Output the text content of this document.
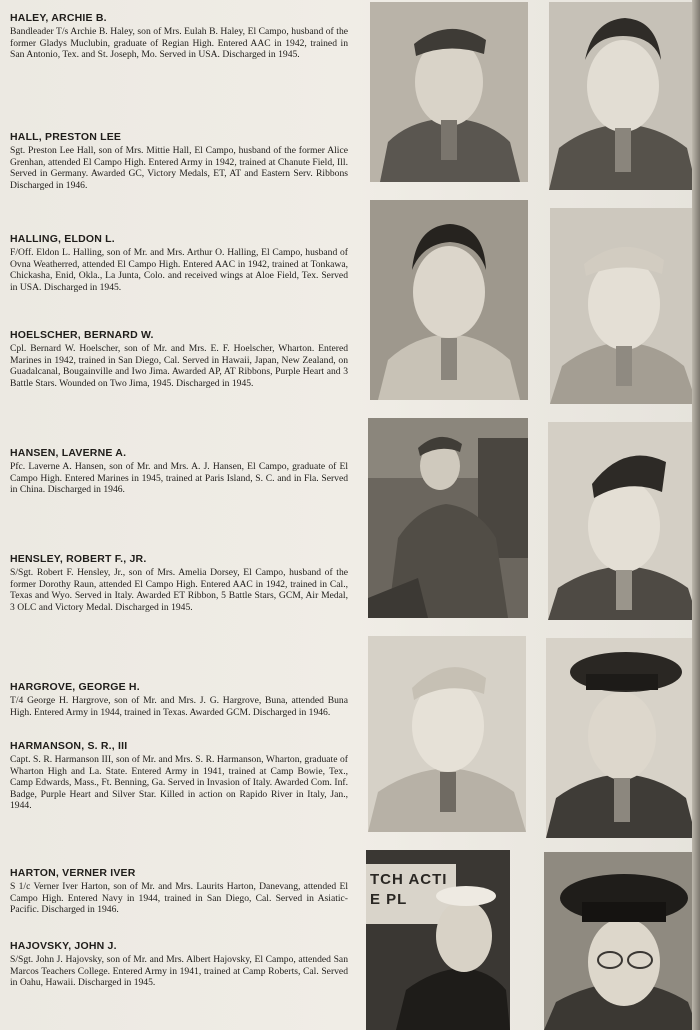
HALEY, ARCHIE B.

Bandleader T/s Archie B. Haley, son of Mrs. Eulah B. Haley, El Campo, husband of the former Gladys Muclubin, graduate of Regian High. Entered AAC in 1942, trained in San Antonio, Tex. and St. Joseph, Mo. Served in USA. Discharged in 1945.

HALL, PRESTON LEE

Sgt. Preston Lee Hall, son of Mrs. Mittie Hall, El Campo, husband of the former Alice Grenhan, attended El Campo High. Entered Army in 1942, trained at Chanute Field, Ill. Served in Germany. Awarded GC, Victory Medals, ET, AT and Eastern Serv. Ribbons Discharged in 1946.

HALLING, ELDON L.

F/Off. Eldon L. Halling, son of Mr. and Mrs. Arthur O. Halling, El Campo, husband of Ovna Weatherred, attended El Campo High. Entered AAC in 1942, trained at Tonkawa, Chickasha, Enid, Okla., La Junta, Colo. and received wings at Aloe Field, Tex. Served in USA. Discharged in 1945.

HOELSCHER, BERNARD W.

Cpl. Bernard W. Hoelscher, son of Mr. and Mrs. E. F. Hoelscher, Wharton. Entered Marines in 1942, trained in San Diego, Cal. Served in Hawaii, Japan, New Zealand, on Guadalcanal, Bougainville and Iwo Jima. Awarded AP, AT Ribbons, Purple Heart and 3 Battle Stars. Wounded on Two Jima, 1945. Discharged in 1945.

HANSEN, LAVERNE A.

Pfc. Laverne A. Hansen, son of Mr. and Mrs. A. J. Hansen, El Campo, graduate of El Campo High. Entered Marines in 1945, trained at Paris Island, S. C. and in Fla. Served in China. Discharged in 1946.

HENSLEY, ROBERT F., JR.

S/Sgt. Robert F. Hensley, Jr., son of Mrs. Amelia Dorsey, El Campo, husband of the former Dorothy Raun, attended El Campo High. Entered AAC in 1942, trained in Cal., Texas and Wyo. Served in Italy. Awarded ET Ribbon, 5 Battle Stars, GCM, Air Medal, 3 OLC and Victory Medal. Discharged in 1945.

HARGROVE, GEORGE H.

T/4 George H. Hargrove, son of Mr. and Mrs. J. G. Hargrove, Buna, attended Buna High. Entered Army in 1944, trained in Texas. Awarded GCM. Discharged in 1946.

HARMANSON, S. R., III

Capt. S. R. Harmanson III, son of Mr. and Mrs. S. R. Harmanson, Wharton, graduate of Wharton High and La. State. Entered Army in 1941, trained at Camp Bowie, Tex., Camp Edwards, Mass., Ft. Benning, Ga. Served in Invasion of Italy. Awarded Com. Inf. Badge, Purple Heart and Silver Star. Killed in action on Rapido River in Italy, Jan., 1944.

HARTON, VERNER IVER

S 1/c Verner Iver Harton, son of Mr. and Mrs. Laurits Harton, Danevang, attended El Campo High. Entered Navy in 1944, trained in San Diego, Cal. Served in Asiatic-Pacific. Discharged in 1946.

HAJOVSKY, JOHN J.

S/Sgt. John J. Hajovsky, son of Mr. and Mrs. Albert Hajovsky, El Campo, attended San Marcos Teachers College. Entered Army in 1941, trained at Camp Roberts, Cal. Served in Oahu, Hawaii. Discharged in 1945.

TCH ACTI E PL
